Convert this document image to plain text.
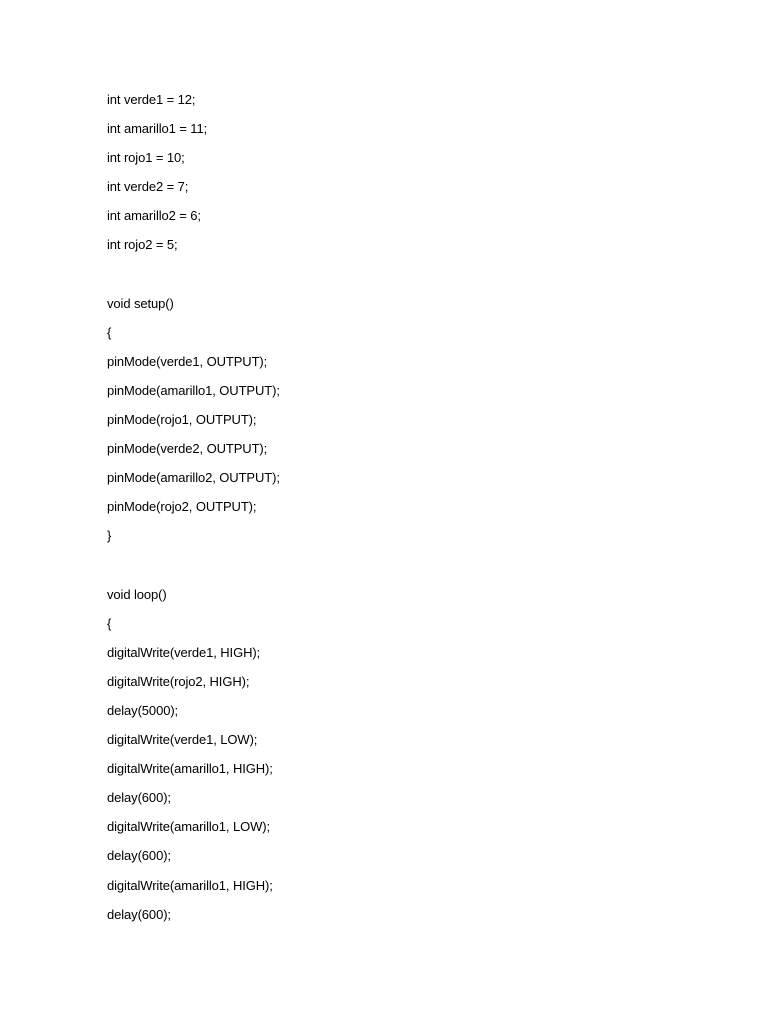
int verde1 = 12;
int amarillo1 = 11;
int rojo1 = 10;
int verde2 = 7;
int amarillo2 = 6;
int rojo2 = 5;
void setup()
{
pinMode(verde1, OUTPUT);
pinMode(amarillo1, OUTPUT);
pinMode(rojo1, OUTPUT);
pinMode(verde2, OUTPUT);
pinMode(amarillo2, OUTPUT);
pinMode(rojo2, OUTPUT);
}
void loop()
{
digitalWrite(verde1, HIGH);
digitalWrite(rojo2, HIGH);
delay(5000);
digitalWrite(verde1, LOW);
digitalWrite(amarillo1, HIGH);
delay(600);
digitalWrite(amarillo1, LOW);
delay(600);
digitalWrite(amarillo1, HIGH);
delay(600);
